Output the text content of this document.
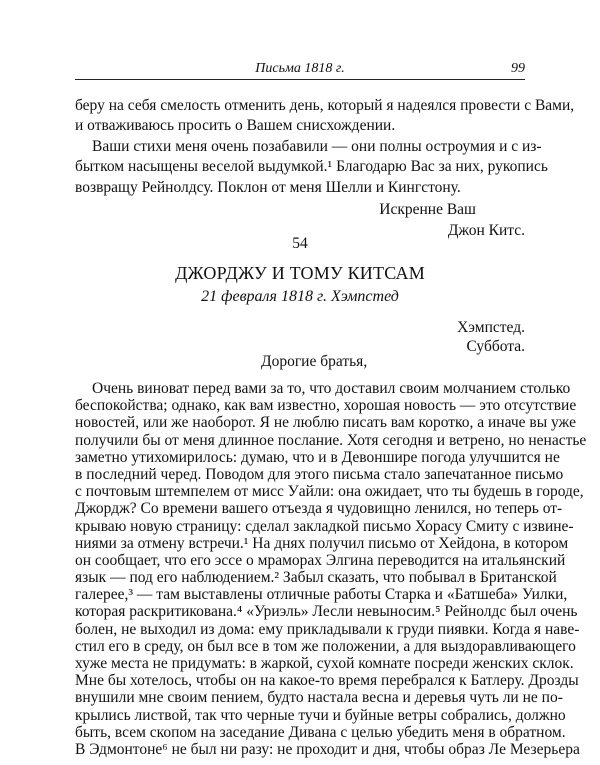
Письма 1818 г.	99
беру на себя смелость отменить день, который я надеялся провести с Вами,
и отваживаюсь просить о Вашем снисхождении.
Ваши стихи меня очень позабавили — они полны остроумия и с из-
бытком насыщены веселой выдумкой.¹ Благодарю Вас за них, рукопись
возвращу Рейнолдсу. Поклон от меня Шелли и Кингстону.
Искренне Ваш
Джон Китс.
54
ДЖОРДЖУ И ТОМУ КИТСАМ
21 февраля 1818 г. Хэмпстед
Хэмпстед.
Суббота.
Дорогие братья,
Очень виноват перед вами за то, что доставил своим молчанием столько
беспокойства; однако, как вам известно, хорошая новость — это отсутствие
новостей, или же наоборот. Я не люблю писать вам коротко, а иначе вы уже
получили бы от меня длинное послание. Хотя сегодня и ветрено, но ненастье
заметно утихомирилось: думаю, что и в Девоншире погода улучшится не
в последний черед. Поводом для этого письма стало запечатанное письмо
с почтовым штемпелем от мисс Уайли: она ожидает, что ты будешь в городе,
Джордж? Со времени вашего отъезда я чудовищно ленился, но теперь от-
крываю новую страницу: сделал закладкой письмо Хорасу Смиту с извине-
ниями за отмену встречи.¹ На днях получил письмо от Хейдона, в котором
он сообщает, что его эссе о мраморах Элгина переводится на итальянский
язык — под его наблюдением.² Забыл сказать, что побывал в Британской
галерее,³ — там выставлены отличные работы Старка и «Батшеба» Уилки,
которая раскритикована.⁴ «Уриэль» Лесли невыносим.⁵ Рейнолдс был очень
болен, не выходил из дома: ему прикладывали к груди пиявки. Когда я наве-
стил его в среду, он был все в том же положении, а для выздоравливающего
хуже места не придумать: в жаркой, сухой комнате посреди женских склок.
Мне бы хотелось, чтобы он на какое-то время перебрался к Батлеру. Дрозды
внушили мне своим пением, будто настала весна и деревья чуть ли не по-
крылись листвой, так что черные тучи и буйные ветры собрались, должно
быть, всем скопом на заседание Дивана с целью убедить меня в обратном.
В Эдмонтоне⁶ не был ни разу: не проходит и дня, чтобы образ Ле Мезерьера
